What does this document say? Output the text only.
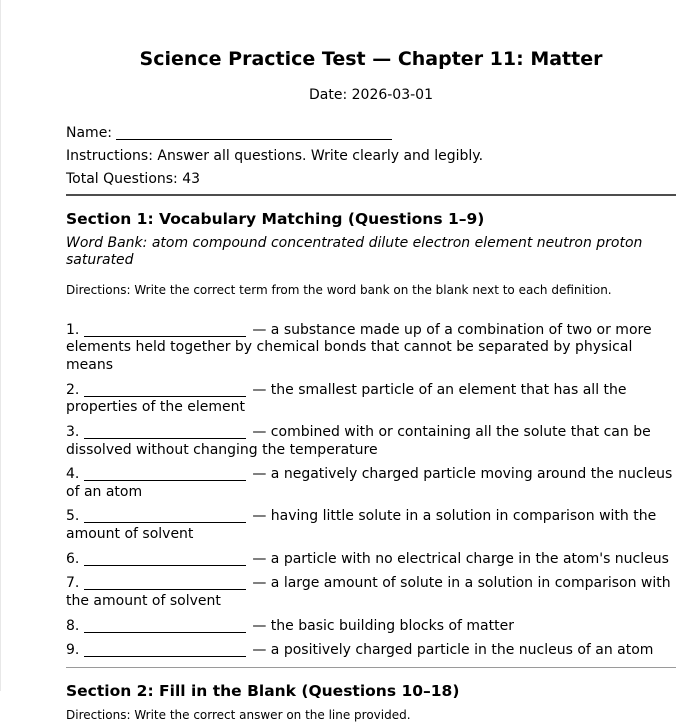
Science Practice Test — Chapter 11: Matter
Date: 2026-03-01
Name:
Instructions: Answer all questions. Write clearly and legibly.
Total Questions: 43
Section 1: Vocabulary Matching (Questions 1–9)
Word Bank: atom compound concentrated dilute electron element neutron proton saturated
Directions: Write the correct term from the word bank on the blank next to each definition.

1.	— a substance made up of a combination of two or more elements held together by chemical bonds that cannot be separated by physical means

2.	— the smallest particle of an element that has all the properties of the element

3.	— combined with or containing all the solute that can be dissolved without changing the temperature

4.	— a negatively charged particle moving around the nucleus of an atom

5.	— having little solute in a solution in comparison with the amount of solvent

6.	— a particle with no electrical charge in the atom's nucleus

7.	— a large amount of solute in a solution in comparison with the amount of solvent

8.	— the basic building blocks of matter

9.	— a positively charged particle in the nucleus of an atom

Section 2: Fill in the Blank (Questions 10–18)
Directions: Write the correct answer on the line provided.
